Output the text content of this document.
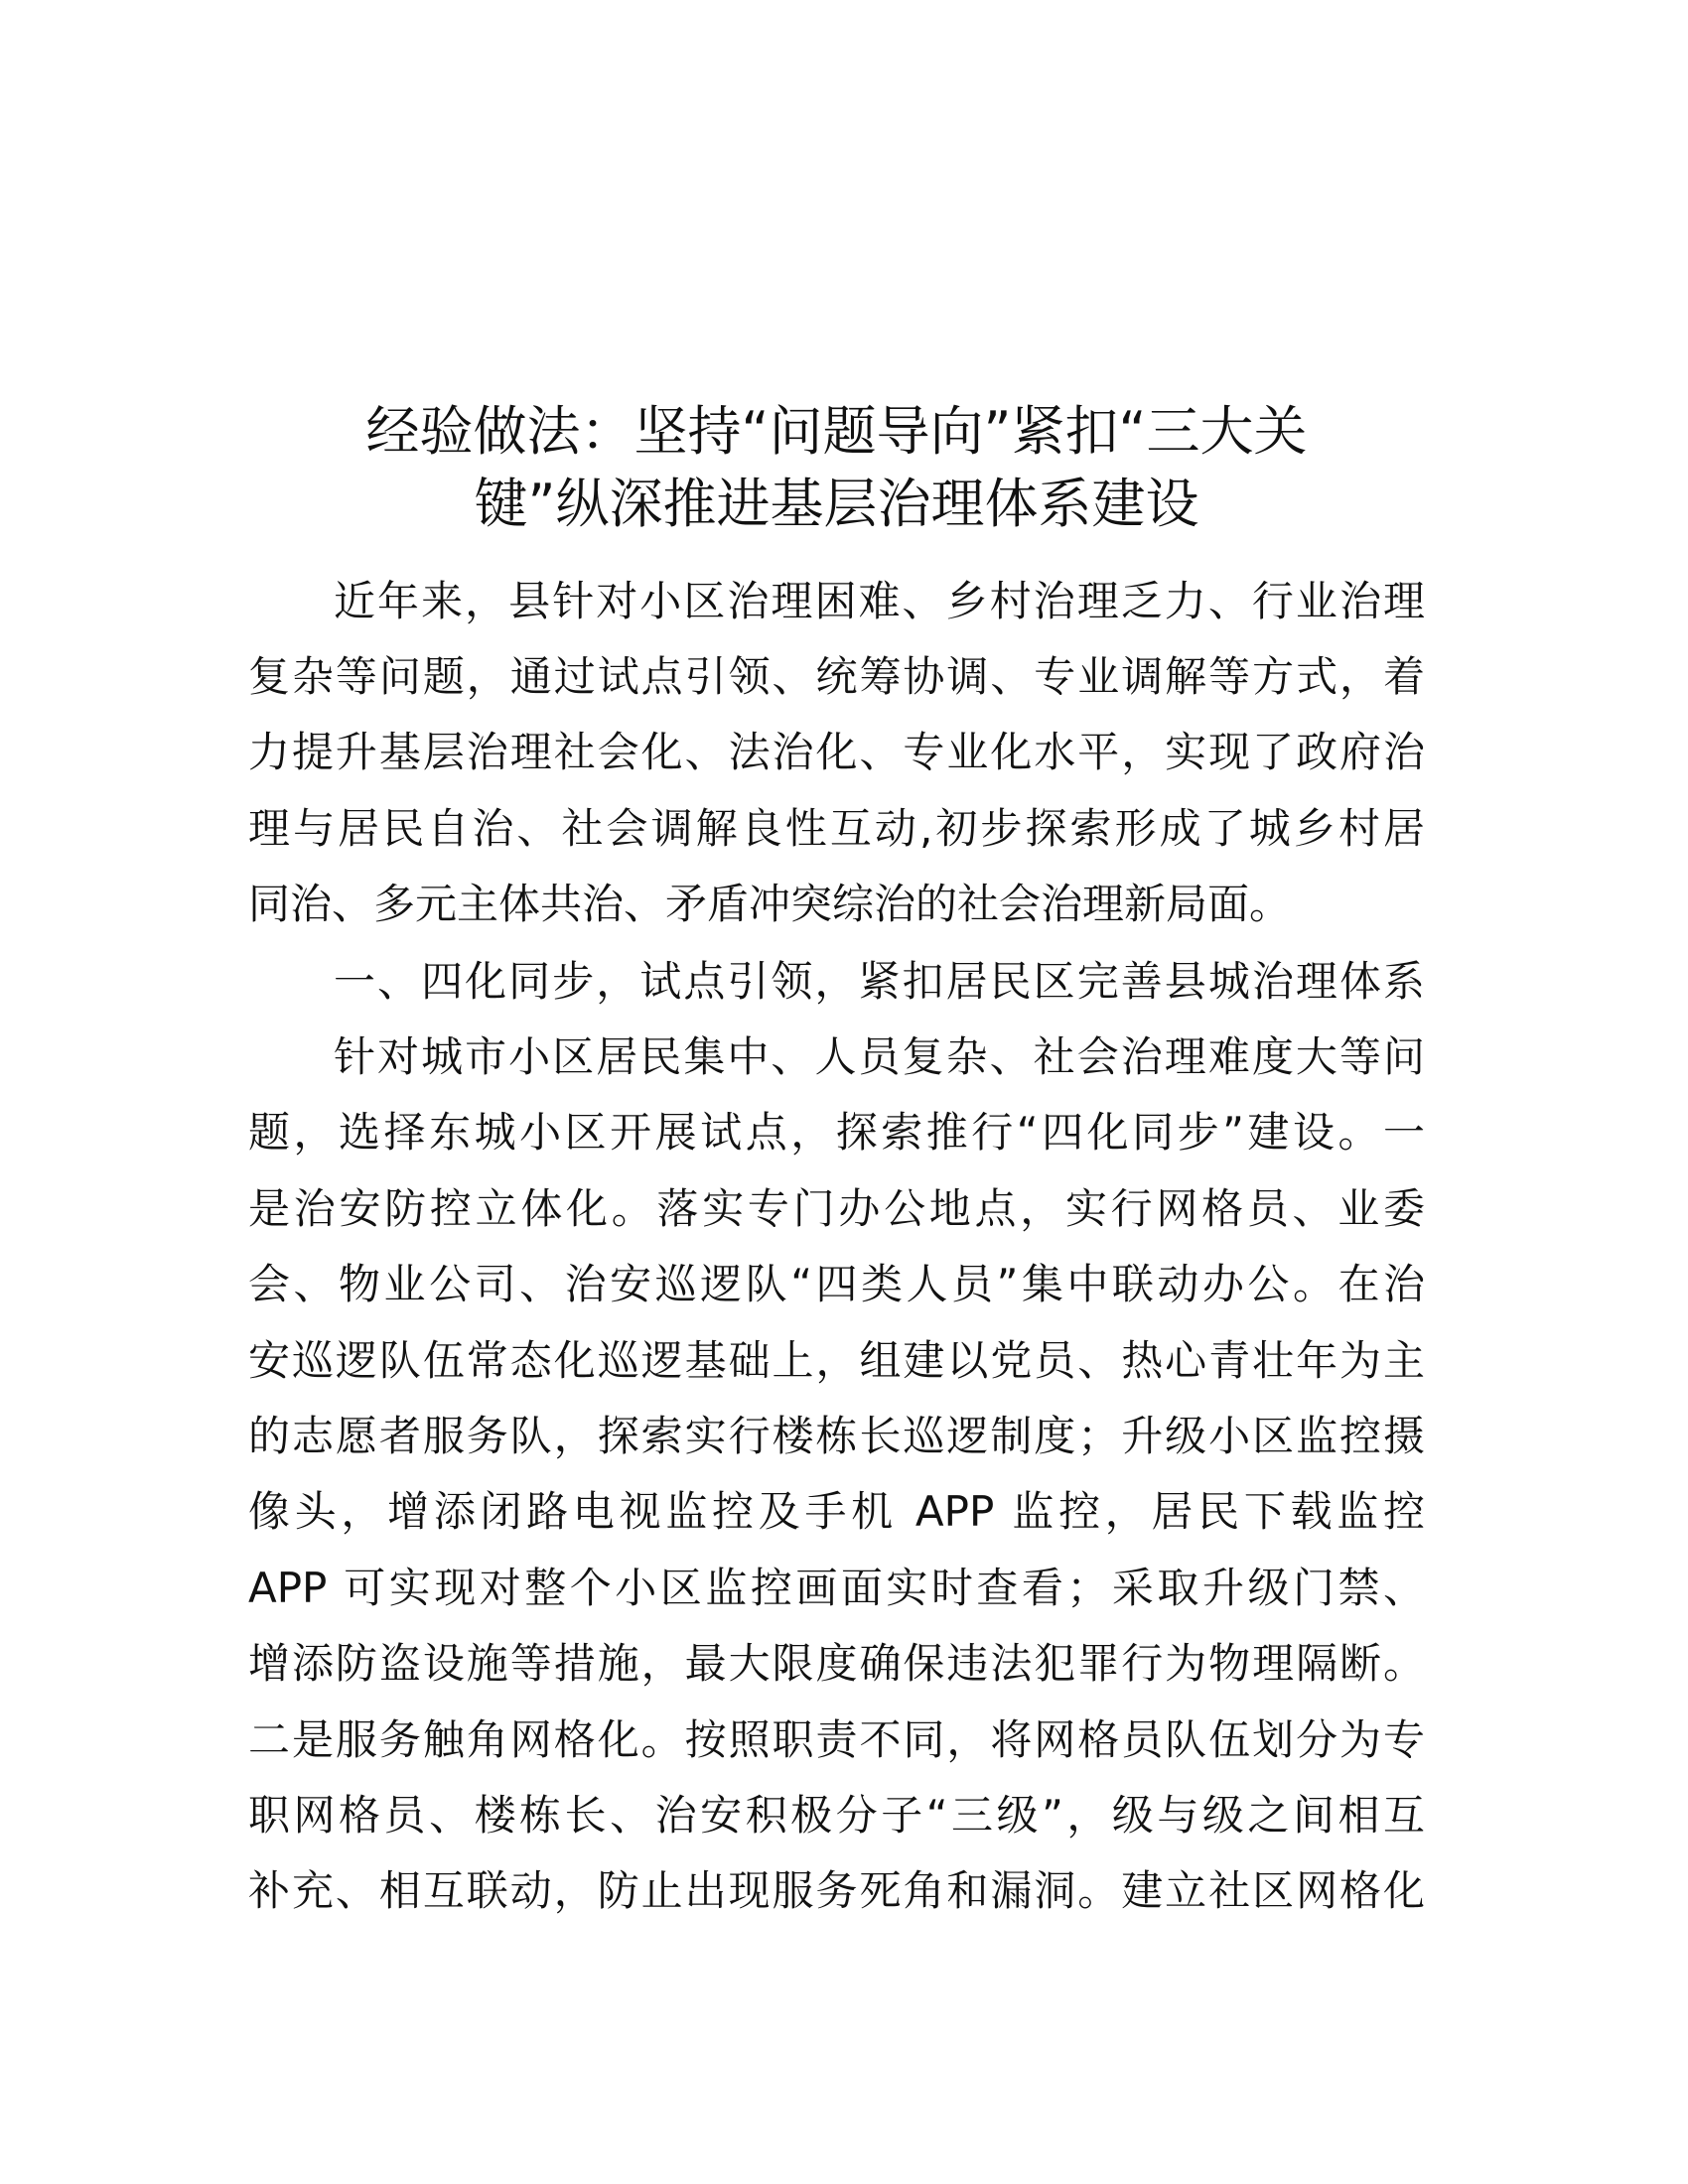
经验做法：坚持“问题导向”紧扣“三大关
键”纵深推进基层治理体系建设
近年来，县针对小区治理困难、乡村治理乏力、行业治理
复杂等问题，通过试点引领、统筹协调、专业调解等方式，着
力提升基层治理社会化、法治化、专业化水平，实现了政府治
理与居民自治、社会调解良性互动,初步探索形成了城乡村居
同治、多元主体共治、矛盾冲突综治的社会治理新局面。
一、四化同步，试点引领，紧扣居民区完善县城治理体系
针对城市小区居民集中、人员复杂、社会治理难度大等问
题，选择东城小区开展试点，探索推行“四化同步”建设。一
是治安防控立体化。落实专门办公地点，实行网格员、业委
会、物业公司、治安巡逻队“四类人员”集中联动办公。在治
安巡逻队伍常态化巡逻基础上，组建以党员、热心青壮年为主
的志愿者服务队，探索实行楼栋长巡逻制度；升级小区监控摄
像头，增添闭路电视监控及手机 APP 监控，居民下载监控
APP 可实现对整个小区监控画面实时查看；采取升级门禁、
增添防盗设施等措施，最大限度确保违法犯罪行为物理隔断。
二是服务触角网格化。按照职责不同，将网格员队伍划分为专
职网格员、楼栋长、治安积极分子“三级”，级与级之间相互
补充、相互联动，防止出现服务死角和漏洞。建立社区网格化
